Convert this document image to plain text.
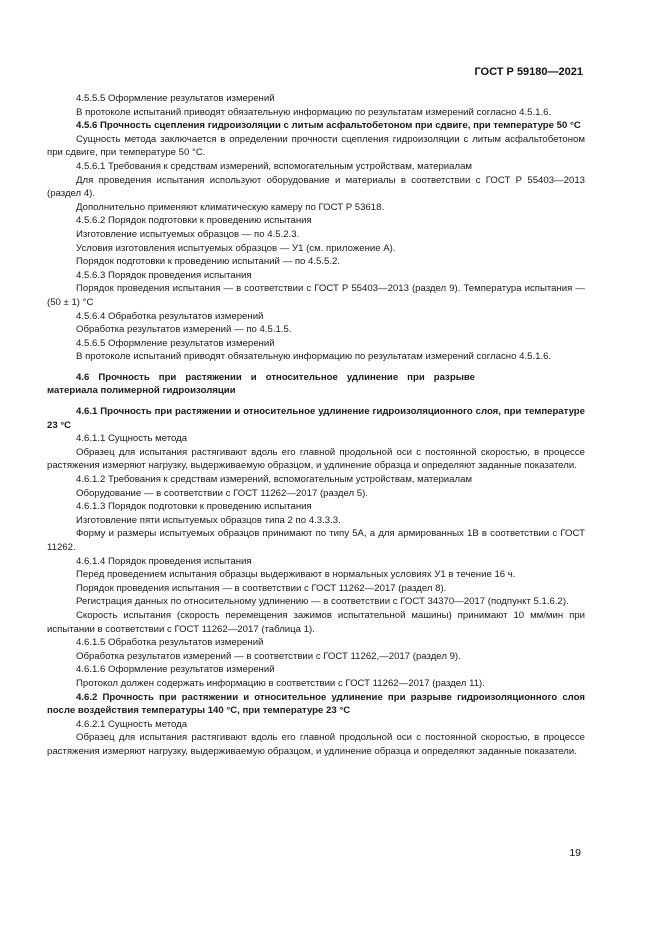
ГОСТ Р 59180—2021

4.5.5.5 Оформление результатов измерений

В протоколе испытаний приводят обязательную информацию по результатам измерений согласно 4.5.1.6.

4.5.6 Прочность сцепления гидроизоляции с литым асфальтобетоном при сдвиге, при температуре 50 °С

Сущность метода заключается в определении прочности сцепления гидроизоляции с литым асфальтобетоном при сдвиге, при температуре 50 °С.

4.5.6.1 Требования к средствам измерений, вспомогательным устройствам, материалам

Для проведения испытания используют оборудование и материалы в соответствии с ГОСТ Р 55403—2013 (раздел 4).

Дополнительно применяют климатическую камеру по ГОСТ Р 53618.

4.5.6.2 Порядок подготовки к проведению испытания

Изготовление испытуемых образцов — по 4.5.2.3.

Условия изготовления испытуемых образцов — У1 (см. приложение А).

Порядок подготовки к проведению испытаний — по 4.5.5.2.

4.5.6.3 Порядок проведения испытания

Порядок проведения испытания — в соответствии с ГОСТ Р 55403—2013 (раздел 9). Температура испытания — (50 ± 1) °С

4.5.6.4 Обработка результатов измерений

Обработка результатов измерений — по 4.5.1.5.

4.5.6.5 Оформление результатов измерений

В протоколе испытаний приводят обязательную информацию по результатам измерений согласно 4.5.1.6.

4.6 Прочность при растяжении и относительное удлинение при разрыве материала полимерной гидроизоляции

4.6.1 Прочность при растяжении и относительное удлинение гидроизоляционного слоя, при температуре 23 °С

4.6.1.1 Сущность метода

Образец для испытания растягивают вдоль его главной продольной оси с постоянной скоростью, в процессе растяжения измеряют нагрузку, выдерживаемую образцом, и удлинение образца и определяют заданные показатели.

4.6.1.2 Требования к средствам измерений, вспомогательным устройствам, материалам

Оборудование — в соответствии с ГОСТ 11262—2017 (раздел 5).

4.6.1.3 Порядок подготовки к проведению испытания

Изготовление пяти испытуемых образцов типа 2 по 4.3.3.3.

Форму и размеры испытуемых образцов принимают по типу 5А, а для армированных 1В в соответствии с ГОСТ 11262.

4.6.1.4 Порядок проведения испытания

Перед проведением испытания образцы выдерживают в нормальных условиях У1 в течение 16 ч.

Порядок проведения испытания — в соответствии с ГОСТ 11262—2017 (раздел 8).

Регистрация данных по относительному удлинению — в соответствии с ГОСТ 34370—2017 (подпункт 5.1.6.2).

Скорость испытания (скорость перемещения зажимов испытательной машины) принимают 10 мм/мин при испытании в соответствии с ГОСТ 11262—2017 (таблица 1).

4.6.1.5 Обработка результатов измерений

Обработка результатов измерений — в соответствии с ГОСТ 11262,—2017 (раздел 9).

4.6.1.6 Оформление результатов измерений

Протокол должен содержать информацию в соответствии с ГОСТ 11262—2017 (раздел 11).

4.6.2 Прочность при растяжении и относительное удлинение при разрыве гидроизоляционного слоя после воздействия температуры 140 °С, при температуре 23 °С

4.6.2.1 Сущность метода

Образец для испытания растягивают вдоль его главной продольной оси с постоянной скоростью, в процессе растяжения измеряют нагрузку, выдерживаемую образцом, и удлинение образца и определяют заданные показатели.

19
